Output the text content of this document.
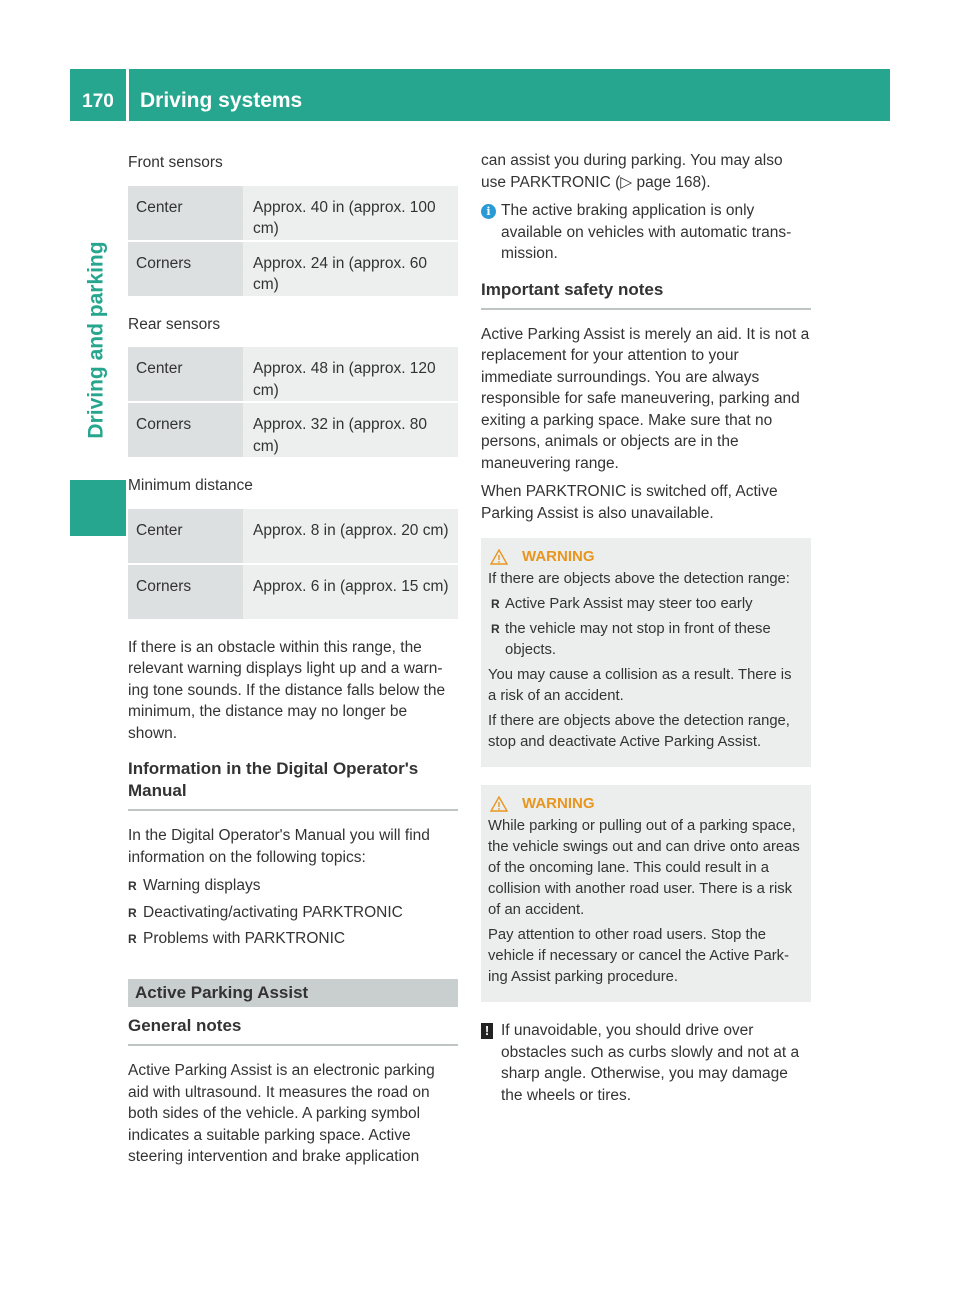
170	Driving systems
Driving and parking
Front sensors
Center	Approx. 40 in (approx. 100 cm)
Corners	Approx. 24 in (approx. 60 cm)
Rear sensors
Center	Approx. 48 in (approx. 120 cm)
Corners	Approx. 32 in (approx. 80 cm)
Minimum distance
Center	Approx. 8 in (approx. 20 cm)
Corners	Approx. 6 in (approx. 15 cm)
If there is an obstacle within this range, the relevant warning displays light up and a warn-ing tone sounds. If the distance falls below the minimum, the distance may no longer be shown.
Information in the Digital Operator's Manual
In the Digital Operator's Manual you will find information on the following topics:
R Warning displays
R Deactivating/activating PARKTRONIC
R Problems with PARKTRONIC
Active Parking Assist
General notes
Active Parking Assist is an electronic parking aid with ultrasound. It measures the road on both sides of the vehicle. A parking symbol indicates a suitable parking space. Active steering intervention and brake application
can assist you during parking. You may also use PARKTRONIC (▷ page 168).
i The active braking application is only available on vehicles with automatic trans-mission.
Important safety notes
Active Parking Assist is merely an aid. It is not a replacement for your attention to your immediate surroundings. You are always responsible for safe maneuvering, parking and exiting a parking space. Make sure that no persons, animals or objects are in the maneuvering range.
When PARKTRONIC is switched off, Active Parking Assist is also unavailable.
WARNING
If there are objects above the detection range:
R Active Park Assist may steer too early
R the vehicle may not stop in front of these objects.
You may cause a collision as a result. There is a risk of an accident.
If there are objects above the detection range, stop and deactivate Active Parking Assist.
WARNING
While parking or pulling out of a parking space, the vehicle swings out and can drive onto areas of the oncoming lane. This could result in a collision with another road user. There is a risk of an accident.
Pay attention to other road users. Stop the vehicle if necessary or cancel the Active Park-ing Assist parking procedure.
! If unavoidable, you should drive over obstacles such as curbs slowly and not at a sharp angle. Otherwise, you may damage the wheels or tires.
